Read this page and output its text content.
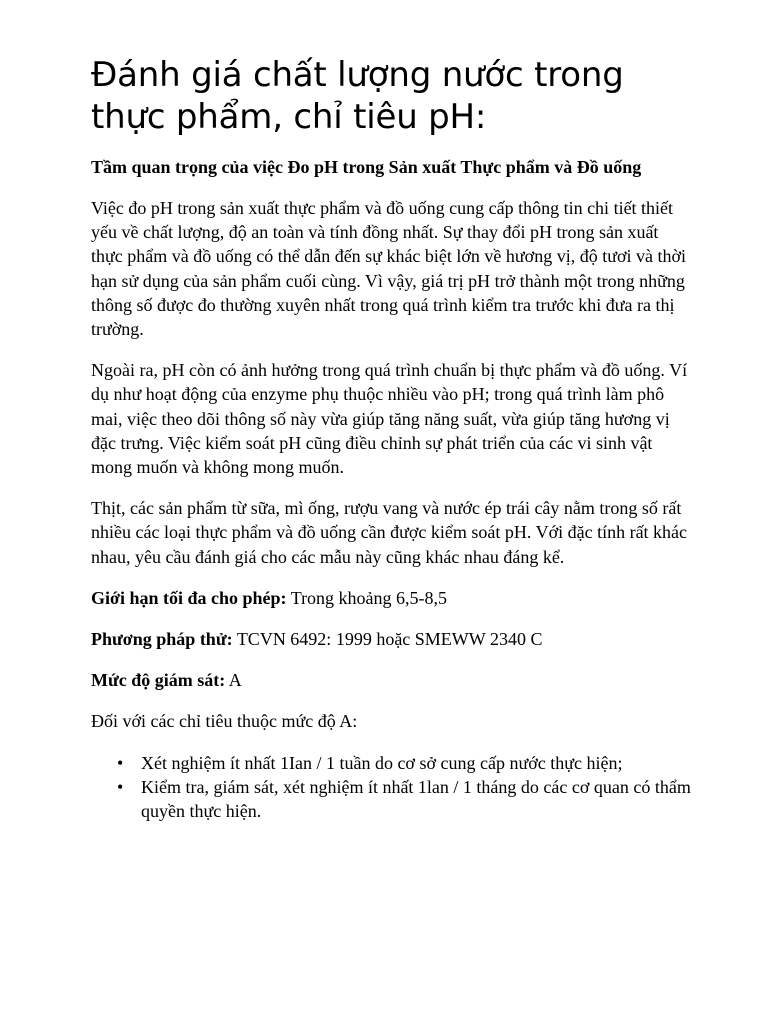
Đánh giá chất lượng nước trong thực phẩm, chỉ tiêu pH:

Tầm quan trọng của việc Đo pH trong Sản xuất Thực phẩm và Đồ uống

Việc đo pH trong sản xuất thực phẩm và đồ uống cung cấp thông tin chi tiết thiết yếu về chất lượng, độ an toàn và tính đồng nhất. Sự thay đổi pH trong sản xuất thực phẩm và đồ uống có thể dẫn đến sự khác biệt lớn về hương vị, độ tươi và thời hạn sử dụng của sản phẩm cuối cùng. Vì vậy, giá trị pH trở thành một trong những thông số được đo thường xuyên nhất trong quá trình kiểm tra trước khi đưa ra thị trường.

Ngoài ra, pH còn có ảnh hưởng trong quá trình chuẩn bị thực phẩm và đồ uống. Ví dụ như hoạt động của enzyme phụ thuộc nhiều vào pH; trong quá trình làm phô mai, việc theo dõi thông số này vừa giúp tăng năng suất, vừa giúp tăng hương vị đặc trưng. Việc kiểm soát pH cũng điều chỉnh sự phát triển của các vi sinh vật mong muốn và không mong muốn.

Thịt, các sản phẩm từ sữa, mì ống, rượu vang và nước ép trái cây nằm trong số rất nhiều các loại thực phẩm và đồ uống cần được kiểm soát pH. Với đặc tính rất khác nhau, yêu cầu đánh giá cho các mẫu này cũng khác nhau đáng kể.

Giới hạn tối đa cho phép: Trong khoảng 6,5-8,5

Phương pháp thử: TCVN 6492: 1999 hoặc SMEWW 2340 C

Mức độ giám sát: A

Đối với các chỉ tiêu thuộc mức độ A:

• Xét nghiệm ít nhất 1Ian / 1 tuần do cơ sở cung cấp nước thực hiện;
• Kiểm tra, giám sát, xét nghiệm ít nhất 1lan / 1 tháng do các cơ quan có thẩm quyền thực hiện.
